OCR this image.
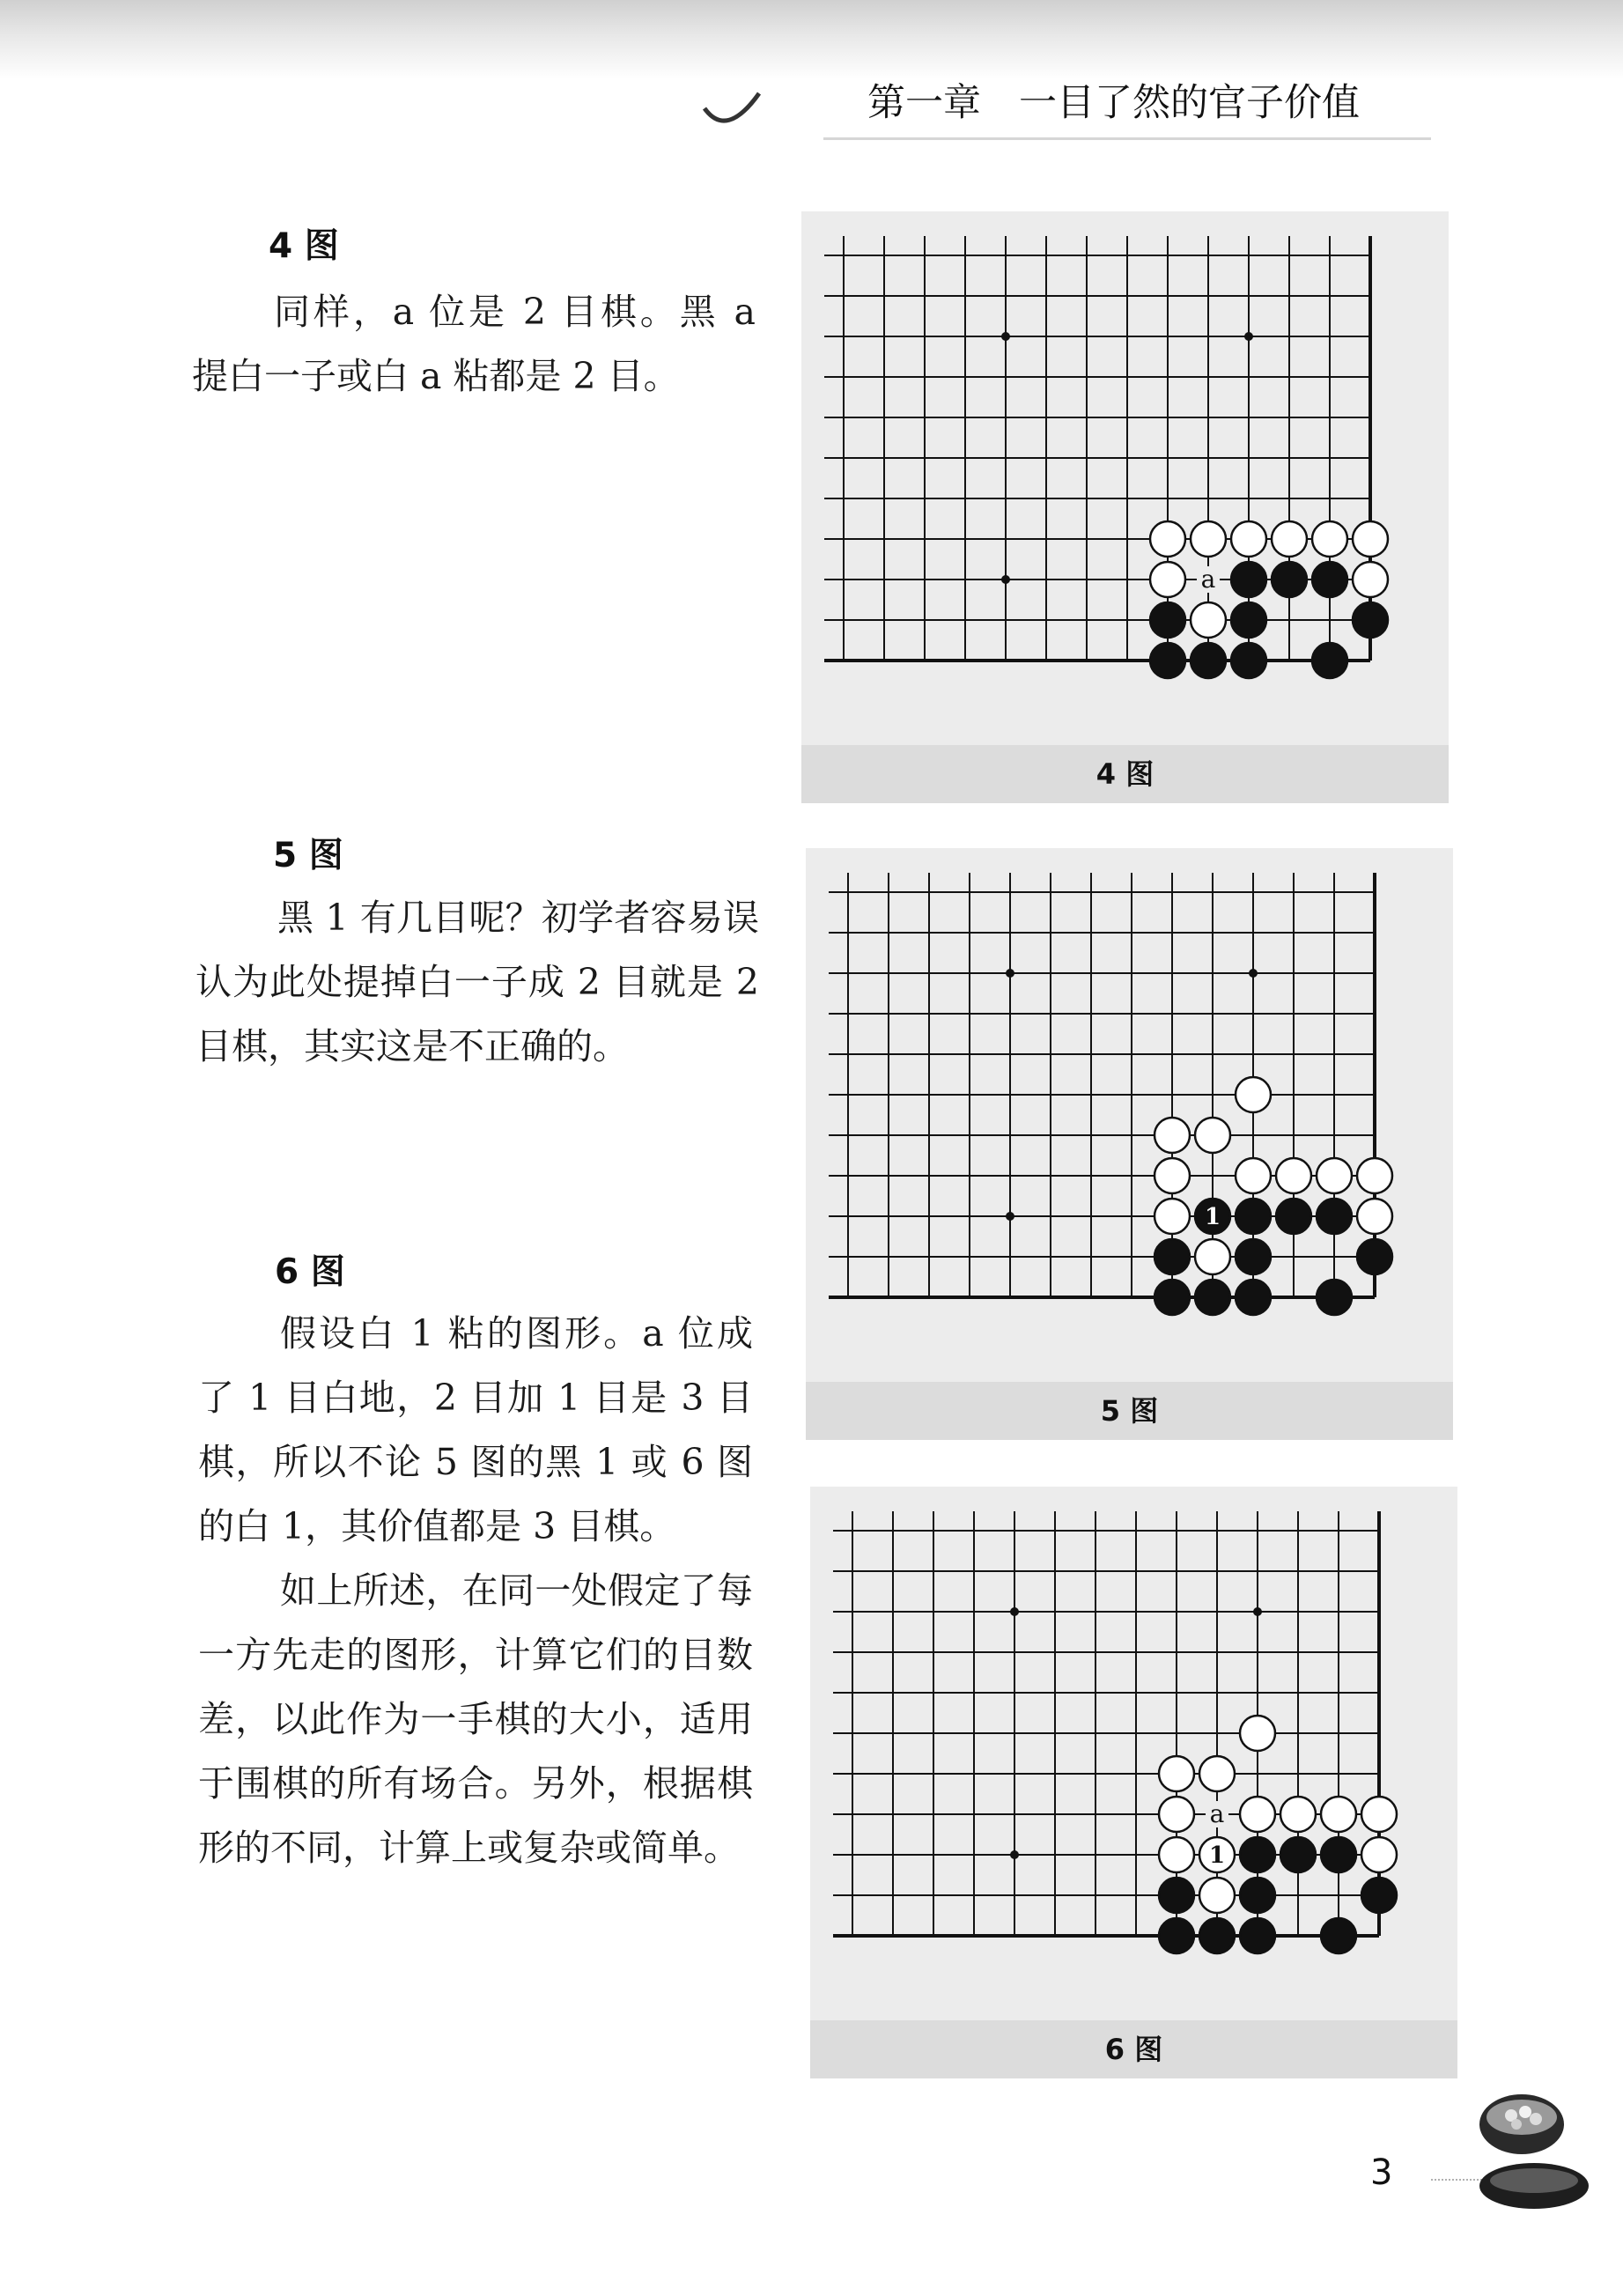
第一章　一目了然的官子价值
4 图

同样，a 位是 2 目棋。黑 a 提白一子或白 a 粘都是 2 目。

5 图

黑 1 有几目呢？初学者容易误认为此处提掉白一子成 2 目就是 2 目棋，其实这是不正确的。

6 图

假设白 1 粘的图形。a 位成了 1 目白地，2 目加 1 目是 3 目棋，所以不论 5 图的黑 1 或 6 图的白 1，其价值都是 3 目棋。

如上所述，在同一处假定了每一方先走的图形，计算它们的目数差，以此作为一手棋的大小，适用于围棋的所有场合。另外，根据棋形的不同，计算上或复杂或简单。

a
4 图
1
5 图
1
a
6 图
3
